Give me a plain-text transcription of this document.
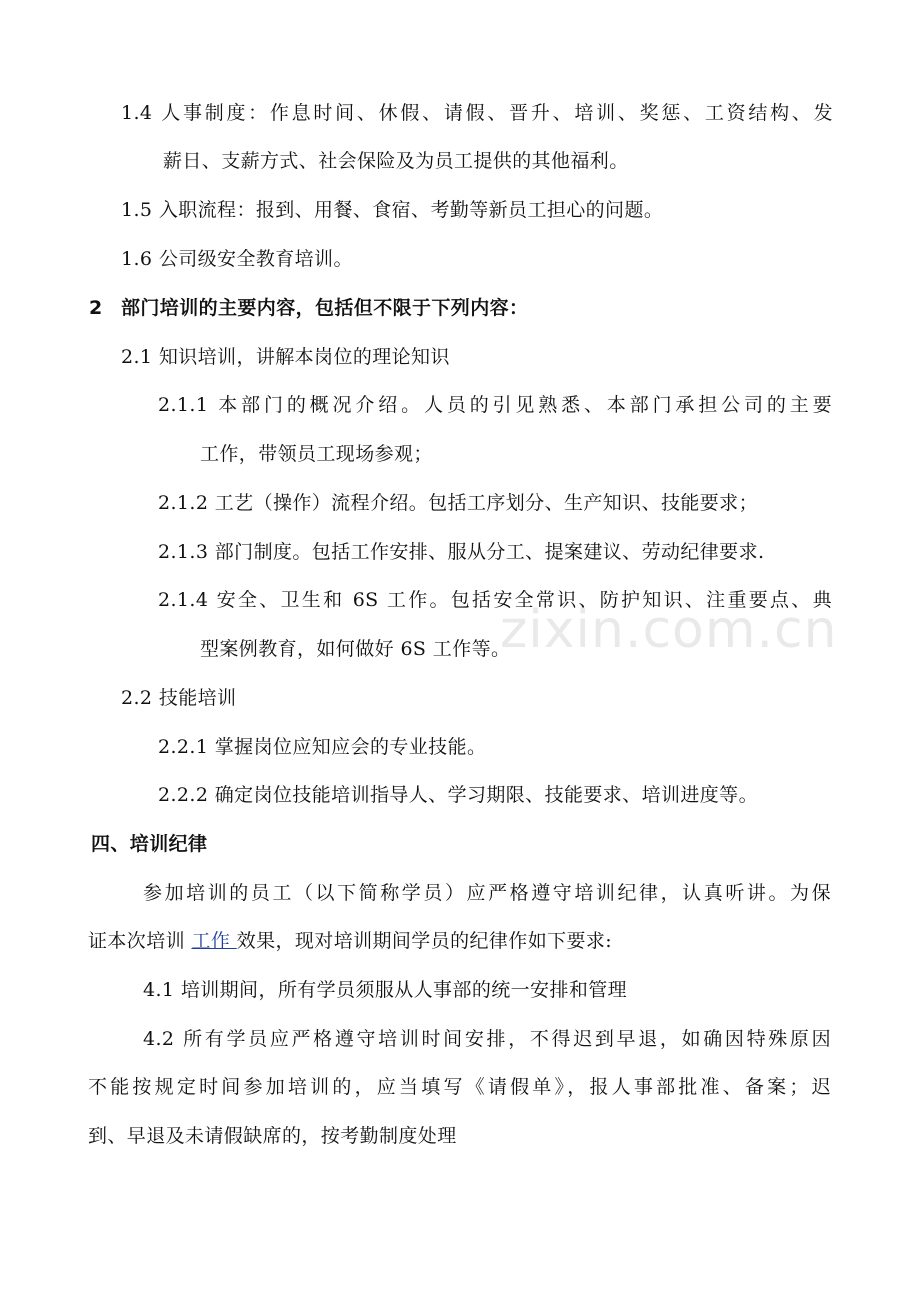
1.4 人事制度：作息时间、休假、请假、晋升、培训、奖惩、工资结构、发
薪日、支薪方式、社会保险及为员工提供的其他福利。
1.5 入职流程：报到、用餐、食宿、考勤等新员工担心的问题。
1.6 公司级安全教育培训。
2 部门培训的主要内容，包括但不限于下列内容：
2.1 知识培训，讲解本岗位的理论知识
2.1.1 本部门的概况介绍。人员的引见熟悉、本部门承担公司的主要
工作，带领员工现场参观；
2.1.2 工艺（操作）流程介绍。包括工序划分、生产知识、技能要求；
2.1.3 部门制度。包括工作安排、服从分工、提案建议、劳动纪律要求.
2.1.4 安全、卫生和 6S 工作。包括安全常识、防护知识、注重要点、典
型案例教育，如何做好 6S 工作等。
2.2 技能培训
2.2.1 掌握岗位应知应会的专业技能。
2.2.2 确定岗位技能培训指导人、学习期限、技能要求、培训进度等。
四、培训纪律
参加培训的员工（以下简称学员）应严格遵守培训纪律，认真听讲。为保
证本次培训 工作 效果，现对培训期间学员的纪律作如下要求:
4.1 培训期间，所有学员须服从人事部的统一安排和管理
4.2 所有学员应严格遵守培训时间安排，不得迟到早退，如确因特殊原因
不能按规定时间参加培训的，应当填写《请假单》，报人事部批准、备案；迟
到、早退及未请假缺席的，按考勤制度处理
zixin.com.cn
